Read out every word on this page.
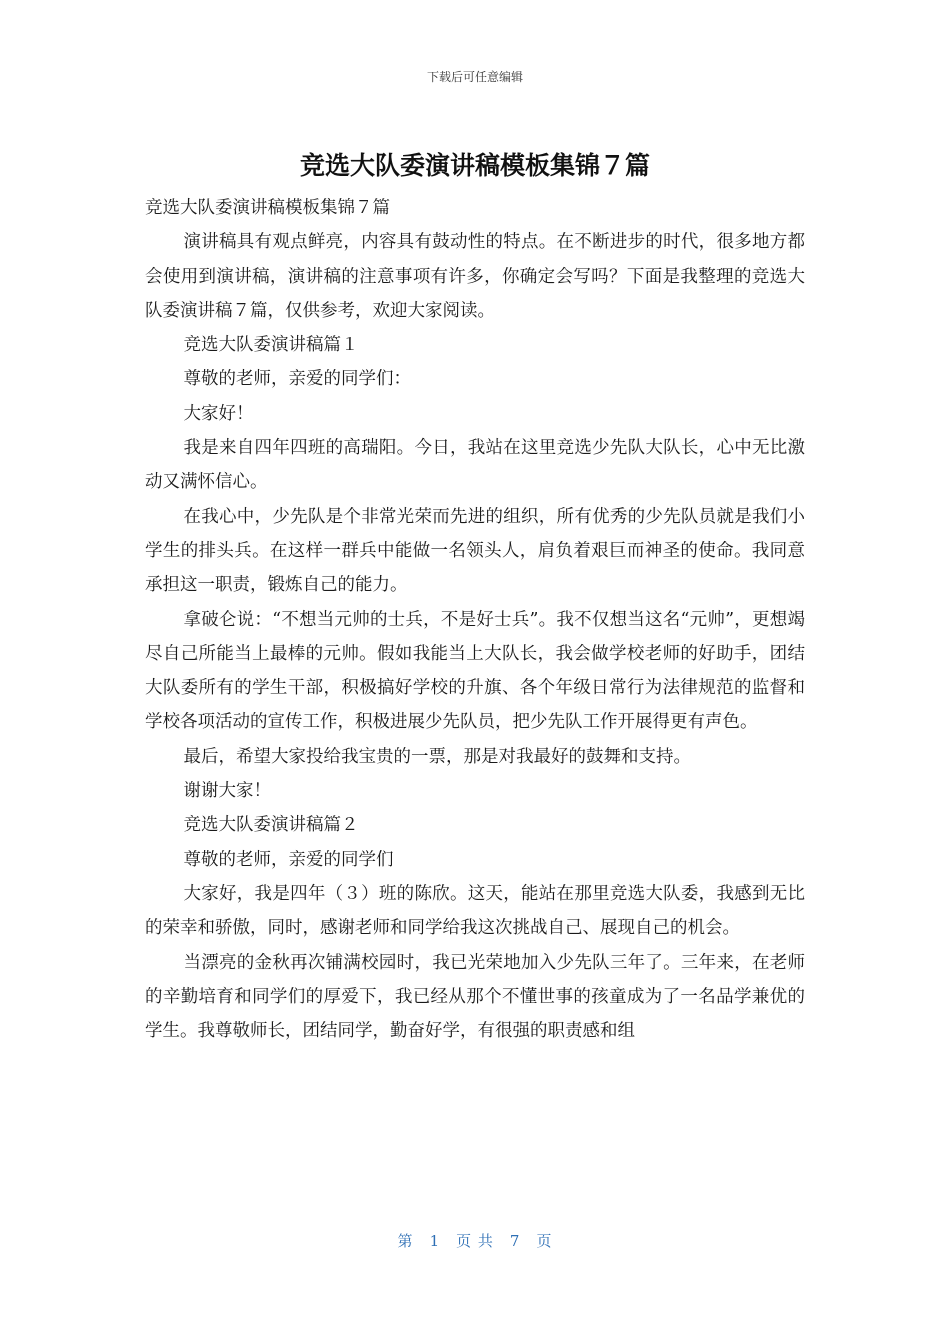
下载后可任意编辑
竞选大队委演讲稿模板集锦７篇

竞选大队委演讲稿模板集锦７篇

演讲稿具有观点鲜亮，内容具有鼓动性的特点。在不断进步的时代，很多地方都会使用到演讲稿，演讲稿的注意事项有许多，你确定会写吗？下面是我整理的竞选大队委演讲稿７篇，仅供参考，欢迎大家阅读。

竞选大队委演讲稿篇１

尊敬的老师，亲爱的同学们：

大家好！

我是来自四年四班的高瑞阳。今日，我站在这里竞选少先队大队长，心中无比激动又满怀信心。

在我心中，少先队是个非常光荣而先进的组织，所有优秀的少先队员就是我们小学生的排头兵。在这样一群兵中能做一名领头人，肩负着艰巨而神圣的使命。我同意承担这一职责，锻炼自己的能力。

拿破仑说：“不想当元帅的士兵，不是好士兵”。我不仅想当这名“元帅”，更想竭尽自己所能当上最棒的元帅。假如我能当上大队长，我会做学校老师的好助手，团结大队委所有的学生干部，积极搞好学校的升旗、各个年级日常行为法律规范的监督和学校各项活动的宣传工作，积极进展少先队员，把少先队工作开展得更有声色。

最后，希望大家投给我宝贵的一票，那是对我最好的鼓舞和支持。

谢谢大家！

竞选大队委演讲稿篇２

尊敬的老师，亲爱的同学们

大家好，我是四年（３）班的陈欣。这天，能站在那里竞选大队委，我感到无比的荣幸和骄傲，同时，感谢老师和同学给我这次挑战自己、展现自己的机会。

当漂亮的金秋再次铺满校园时，我已光荣地加入少先队三年了。三年来，在老师的辛勤培育和同学们的厚爱下，我已经从那个不懂世事的孩童成为了一名品学兼优的学生。我尊敬师长，团结同学，勤奋好学，有很强的职责感和组

第 1 页 共 7 页
